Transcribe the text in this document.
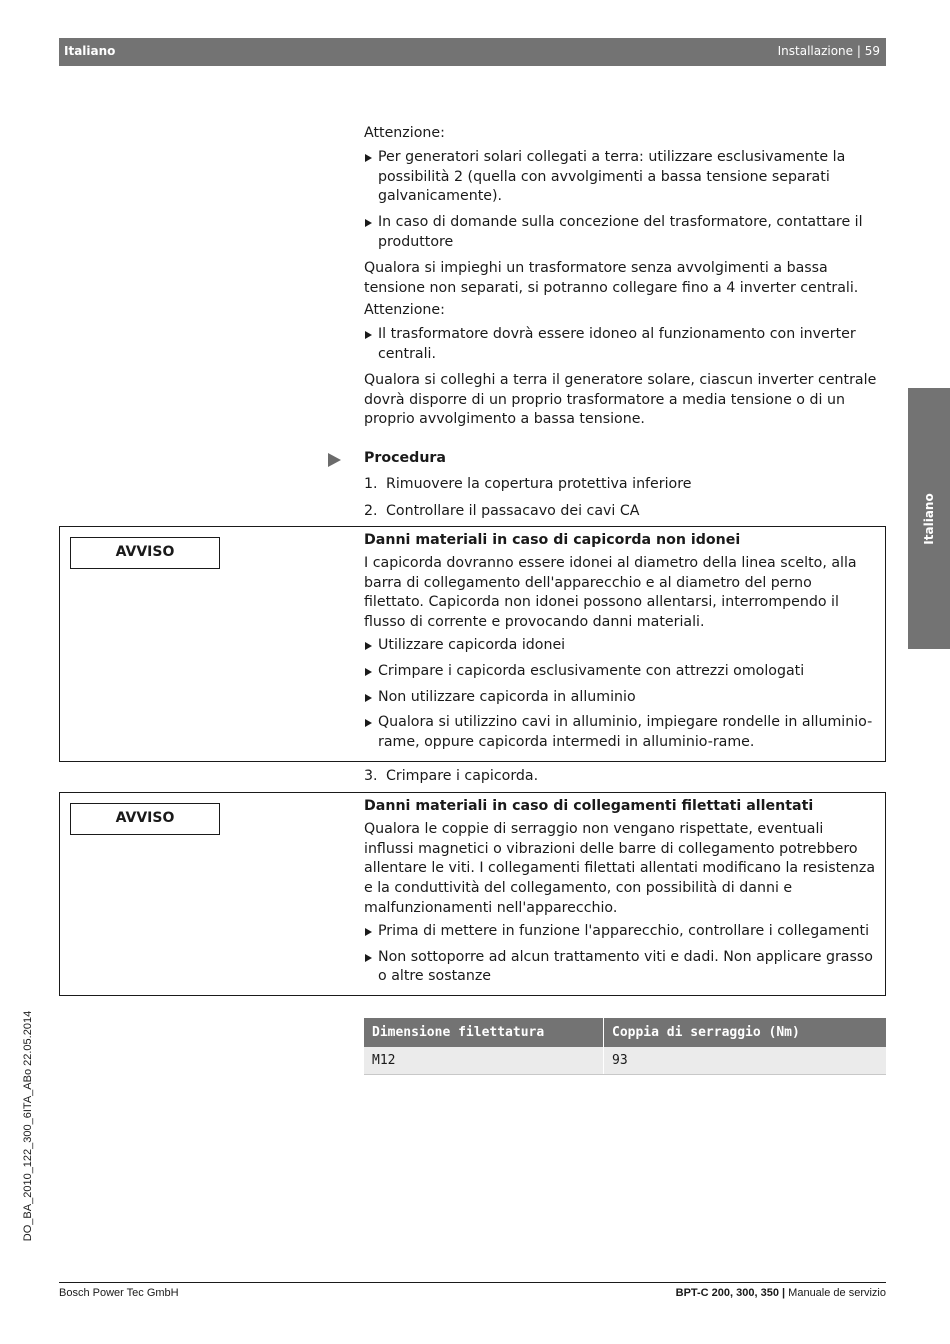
Italiano	Installazione | 59
Italiano
DO_BA_2010_122_300_6ITA_ABo 22.05.2014

Attenzione:

Per generatori solari collegati a terra: utilizzare esclusivamente la possibilità 2 (quella con avvolgimenti a bassa tensione separati galvanicamente).
In caso di domande sulla concezione del trasformatore, contattare il produttore

Qualora si impieghi un trasformatore senza avvolgimenti a bassa tensione non separati, si potranno collegare fino a 4 inverter centrali.

Attenzione:

Il trasformatore dovrà essere idoneo al funzionamento con inverter centrali.

Qualora si colleghi a terra il generatore solare, ciascun inverter centrale dovrà disporre di un proprio trasformatore a media tensione o di un proprio avvolgimento a bassa tensione.

Procedura

1. Rimuovere la copertura protettiva inferiore
2. Controllare il passacavo dei cavi CA
AVVISO

Danni materiali in caso di capicorda non idonei

I capicorda dovranno essere idonei al diametro della linea scelto, alla barra di collegamento dell'apparecchio e al diametro del perno filettato. Capicorda non idonei possono allentarsi, interrompendo il flusso di corrente e provocando danni materiali.

Utilizzare capicorda idonei
Crimpare i capicorda esclusivamente con attrezzi omologati
Non utilizzare capicorda in alluminio
Qualora si utilizzino cavi in alluminio, impiegare rondelle in alluminio-rame, oppure capicorda intermedi in alluminio-rame.
3. Crimpare i capicorda.
AVVISO

Danni materiali in caso di collegamenti filettati allentati

Qualora le coppie di serraggio non vengano rispettate, eventuali influssi magnetici o vibrazioni delle barre di collegamento potrebbero allentare le viti. I collegamenti filettati allentati modificano la resistenza e la conduttività del collegamento, con possibilità di danni e malfunzionamenti nell'apparecchio.

Prima di mettere in funzione l'apparecchio, controllare i collegamenti
Non sottoporre ad alcun trattamento viti e dadi. Non applicare grasso o altre sostanze
Dimensione filettatura	Coppia di serraggio (Nm)
M12	93
Bosch Power Tec GmbH	BPT-C 200, 300, 350 | Manuale de servizio
